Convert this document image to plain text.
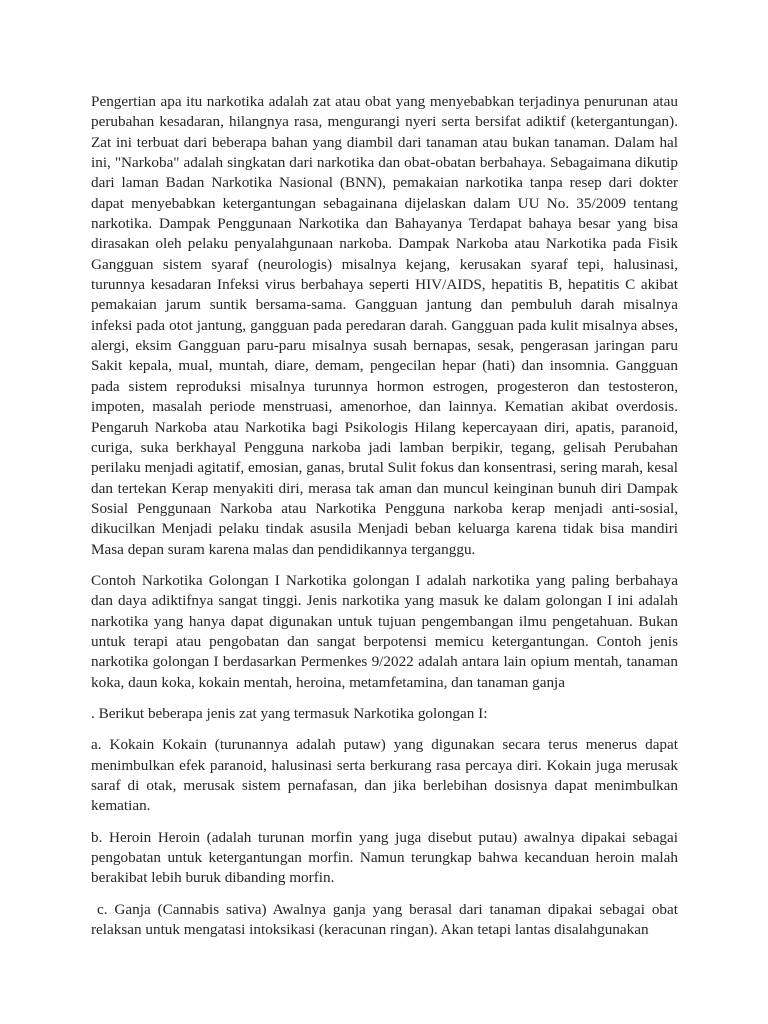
Pengertian apa itu narkotika adalah zat atau obat yang menyebabkan terjadinya penurunan atau perubahan kesadaran, hilangnya rasa, mengurangi nyeri serta bersifat adiktif (ketergantungan). Zat ini terbuat dari beberapa bahan yang diambil dari tanaman atau bukan tanaman. Dalam hal ini, "Narkoba" adalah singkatan dari narkotika dan obat-obatan berbahaya. Sebagaimana dikutip dari laman Badan Narkotika Nasional (BNN), pemakaian narkotika tanpa resep dari dokter dapat menyebabkan ketergantungan sebagainana dijelaskan dalam UU No. 35/2009 tentang narkotika. Dampak Penggunaan Narkotika dan Bahayanya Terdapat bahaya besar yang bisa dirasakan oleh pelaku penyalahgunaan narkoba. Dampak Narkoba atau Narkotika pada Fisik Gangguan sistem syaraf (neurologis) misalnya kejang, kerusakan syaraf tepi, halusinasi, turunnya kesadaran Infeksi virus berbahaya seperti HIV/AIDS, hepatitis B, hepatitis C akibat pemakaian jarum suntik bersama-sama. Gangguan jantung dan pembuluh darah misalnya infeksi pada otot jantung, gangguan pada peredaran darah. Gangguan pada kulit misalnya abses, alergi, eksim Gangguan paru-paru misalnya susah bernapas, sesak, pengerasan jaringan paru Sakit kepala, mual, muntah, diare, demam, pengecilan hepar (hati) dan insomnia. Gangguan pada sistem reproduksi misalnya turunnya hormon estrogen, progesteron dan testosteron, impoten, masalah periode menstruasi, amenorhoe, dan lainnya. Kematian akibat overdosis. Pengaruh Narkoba atau Narkotika bagi Psikologis Hilang kepercayaan diri, apatis, paranoid, curiga, suka berkhayal Pengguna narkoba jadi lamban berpikir, tegang, gelisah Perubahan perilaku menjadi agitatif, emosian, ganas, brutal Sulit fokus dan konsentrasi, sering marah, kesal dan tertekan Kerap menyakiti diri, merasa tak aman dan muncul keinginan bunuh diri Dampak Sosial Penggunaan Narkoba atau Narkotika Pengguna narkoba kerap menjadi anti-sosial, dikucilkan Menjadi pelaku tindak asusila Menjadi beban keluarga karena tidak bisa mandiri Masa depan suram karena malas dan pendidikannya terganggu.

Contoh Narkotika Golongan I Narkotika golongan I adalah narkotika yang paling berbahaya dan daya adiktifnya sangat tinggi. Jenis narkotika yang masuk ke dalam golongan I ini adalah narkotika yang hanya dapat digunakan untuk tujuan pengembangan ilmu pengetahuan. Bukan untuk terapi atau pengobatan dan sangat berpotensi memicu ketergantungan. Contoh jenis narkotika golongan I berdasarkan Permenkes 9/2022 adalah antara lain opium mentah, tanaman koka, daun koka, kokain mentah, heroina, metamfetamina, dan tanaman ganja

. Berikut beberapa jenis zat yang termasuk Narkotika golongan I:

a. Kokain Kokain (turunannya adalah putaw) yang digunakan secara terus menerus dapat menimbulkan efek paranoid, halusinasi serta berkurang rasa percaya diri. Kokain juga merusak saraf di otak, merusak sistem pernafasan, dan jika berlebihan dosisnya dapat menimbulkan kematian.

b. Heroin Heroin (adalah turunan morfin yang juga disebut putau) awalnya dipakai sebagai pengobatan untuk ketergantungan morfin. Namun terungkap bahwa kecanduan heroin malah berakibat lebih buruk dibanding morfin.

c. Ganja (Cannabis sativa) Awalnya ganja yang berasal dari tanaman dipakai sebagai obat relaksan untuk mengatasi intoksikasi (keracunan ringan). Akan tetapi lantas disalahgunakan
